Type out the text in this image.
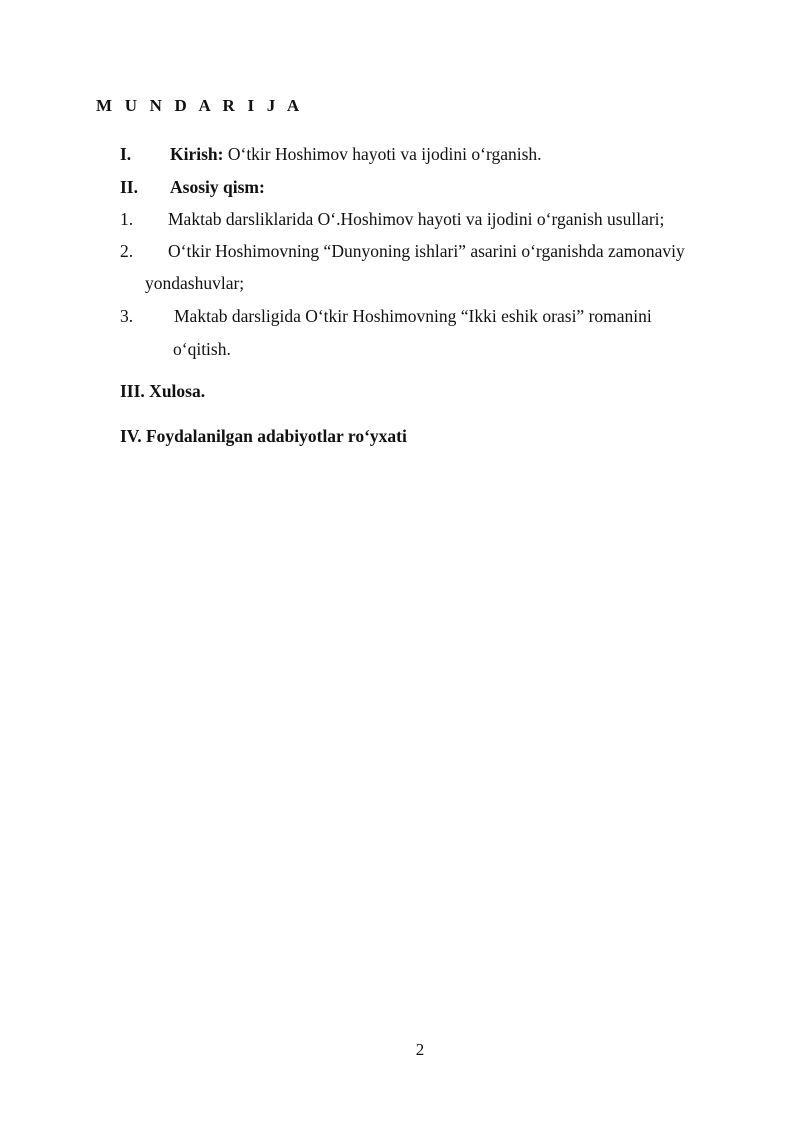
M U N D A R I J A
I. Kirish: O‘tkir Hoshimov hayoti va ijodini o‘rganish.
II. Asosiy qism:
1. Maktab darsliklarida O‘.Hoshimov hayoti va ijodini o‘rganish usullari;
2. O‘tkir Hoshimovning “Dunyoning ishlari” asarini o‘rganishda zamonaviy
yondashuvlar;
3. Maktab darsligida O‘tkir Hoshimovning “Ikki eshik orasi” romanini
o‘qitish.
III. Xulosa.
IV. Foydalanilgan adabiyotlar ro‘yxati
2
